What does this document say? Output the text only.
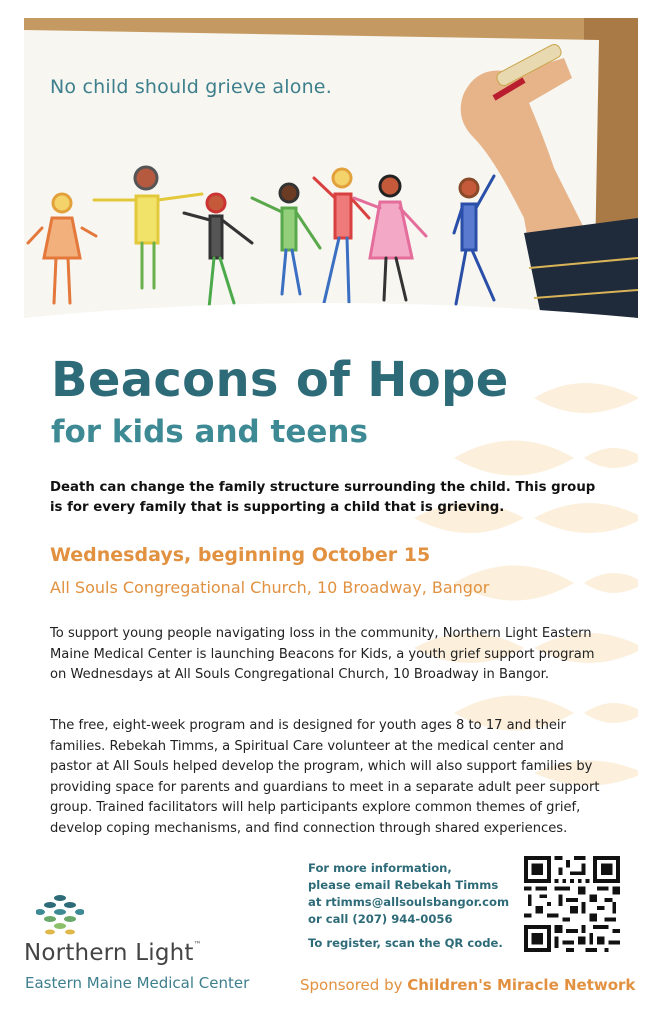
No child should grieve alone.
Beacons of Hope
for kids and teens
Death can change the family structure surrounding the child. This group is for every family that is supporting a child that is grieving.
Wednesdays, beginning October 15
All Souls Congregational Church, 10 Broadway, Bangor
To support young people navigating loss in the community, Northern Light Eastern Maine Medical Center is launching Beacons for Kids, a youth grief support program on Wednesdays at All Souls Congregational Church, 10 Broadway in Bangor.
The free, eight-week program and is designed for youth ages 8 to 17 and their families. Rebekah Timms, a Spiritual Care volunteer at the medical center and pastor at All Souls helped develop the program, which will also support families by providing space for parents and guardians to meet in a separate adult peer support group. Trained facilitators will help participants explore common themes of grief, develop coping mechanisms, and find connection through shared experiences.
For more information,
please email Rebekah Timms
at rtimms@allsoulsbangor.com
or call (207) 944-0056
To register, scan the QR code.
Northern Light™
Eastern Maine Medical Center	Sponsored by Children's Miracle Network
